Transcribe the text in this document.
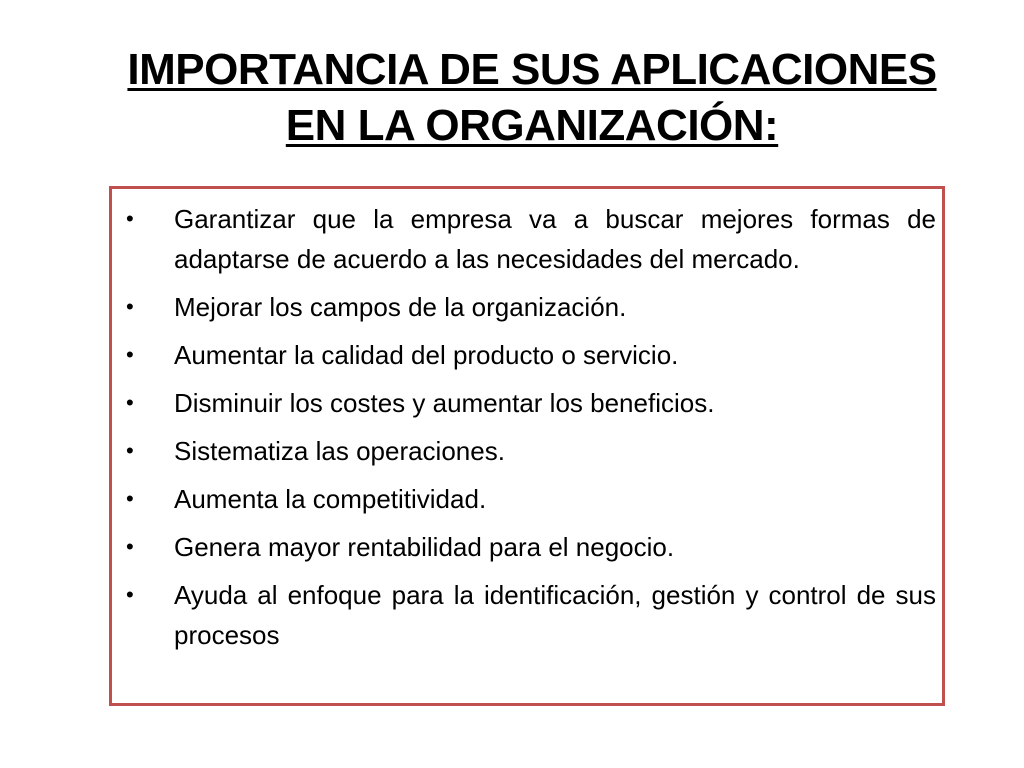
IMPORTANCIA DE SUS APLICACIONES
EN LA ORGANIZACIÓN:
• Garantizar que la empresa va a buscar mejores formas de adaptarse de acuerdo a las necesidades del mercado.
• Mejorar los campos de la organización.
• Aumentar la calidad del producto o servicio.
• Disminuir los costes y aumentar los beneficios.
• Sistematiza las operaciones.
• Aumenta la competitividad.
• Genera mayor rentabilidad para el negocio.
• Ayuda al enfoque para la identificación, gestión y control de sus procesos
